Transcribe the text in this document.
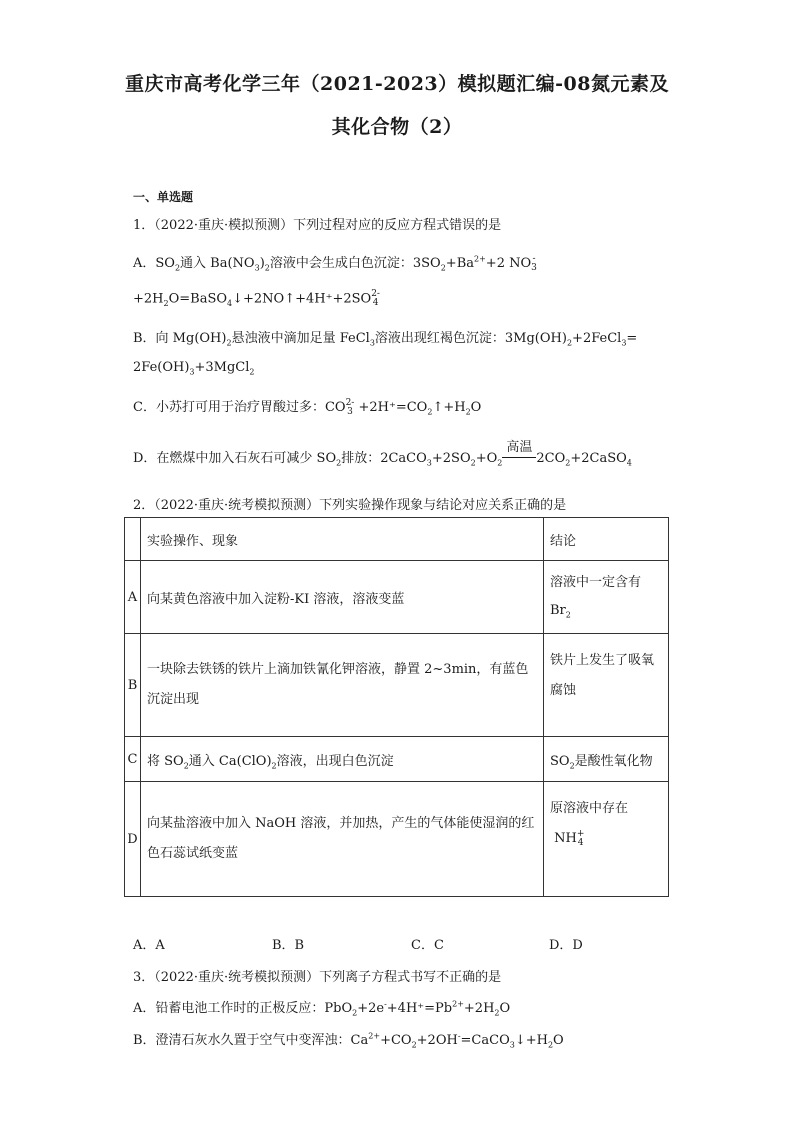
重庆市高考化学三年（2021-2023）模拟题汇编-08氮元素及
其化合物（2）
一、单选题
1．（2022·重庆·模拟预测）下列过程对应的反应方程式错误的是
A．$SO_2$通入 $Ba(NO_3)_2$溶液中会生成白色沉淀：$3SO_2+Ba^{2+}+2$ NO -
3
$+2H_2O=BaSO_4↓+2NO↑+4H^++2SO$ 2-
4
B．向 $Mg(OH)_2$悬浊液中滴加足量 FeCl$_3$溶液出现红褐色沉淀：$3Mg(OH)_2+2FeCl_3=$
$2Fe(OH)_3+3MgCl_2$
C．小苏打可用于治疗胃酸过多：CO 2-
$3 +2H^+=CO_2↑+H_2O$
D．在燃煤中加入石灰石可减少 $SO_2$排放：$2CaCO_3+2SO_2+O_2$
高温
$2CO_2+2CaSO_4$
2．（2022·重庆·统考模拟预测）下列实验操作现象与结论对应关系正确的是
	实验操作、现象	结论
A	向某黄色溶液中加入淀粉-KI 溶液，溶液变蓝	溶液中一定含有
$Br_2$
B	一块除去铁锈的铁片上滴加铁氰化钾溶液，静置 2~3min，有蓝色沉淀出现	铁片上发生了吸氧腐蚀
C	将 $SO_2$通入 $Ca(ClO)_2$溶液，出现白色沉淀	$SO_2$是酸性氧化物
D	向某盐溶液中加入 NaOH 溶液，并加热，产生的气体能使湿润的红色石蕊试纸变蓝	原溶液中存在
NH +
4
A．A	B．B	C．C	D．D
3．（2022·重庆·统考模拟预测）下列离子方程式书写不正确的是
A．铅蓄电池工作时的正极反应：$PbO_2+2e^-+4H^+=Pb^{2+}+2H_2O$
B．澄清石灰水久置于空气中变浑浊：$Ca^{2+}+CO_2+2OH^-=CaCO_3↓+H_2O$
